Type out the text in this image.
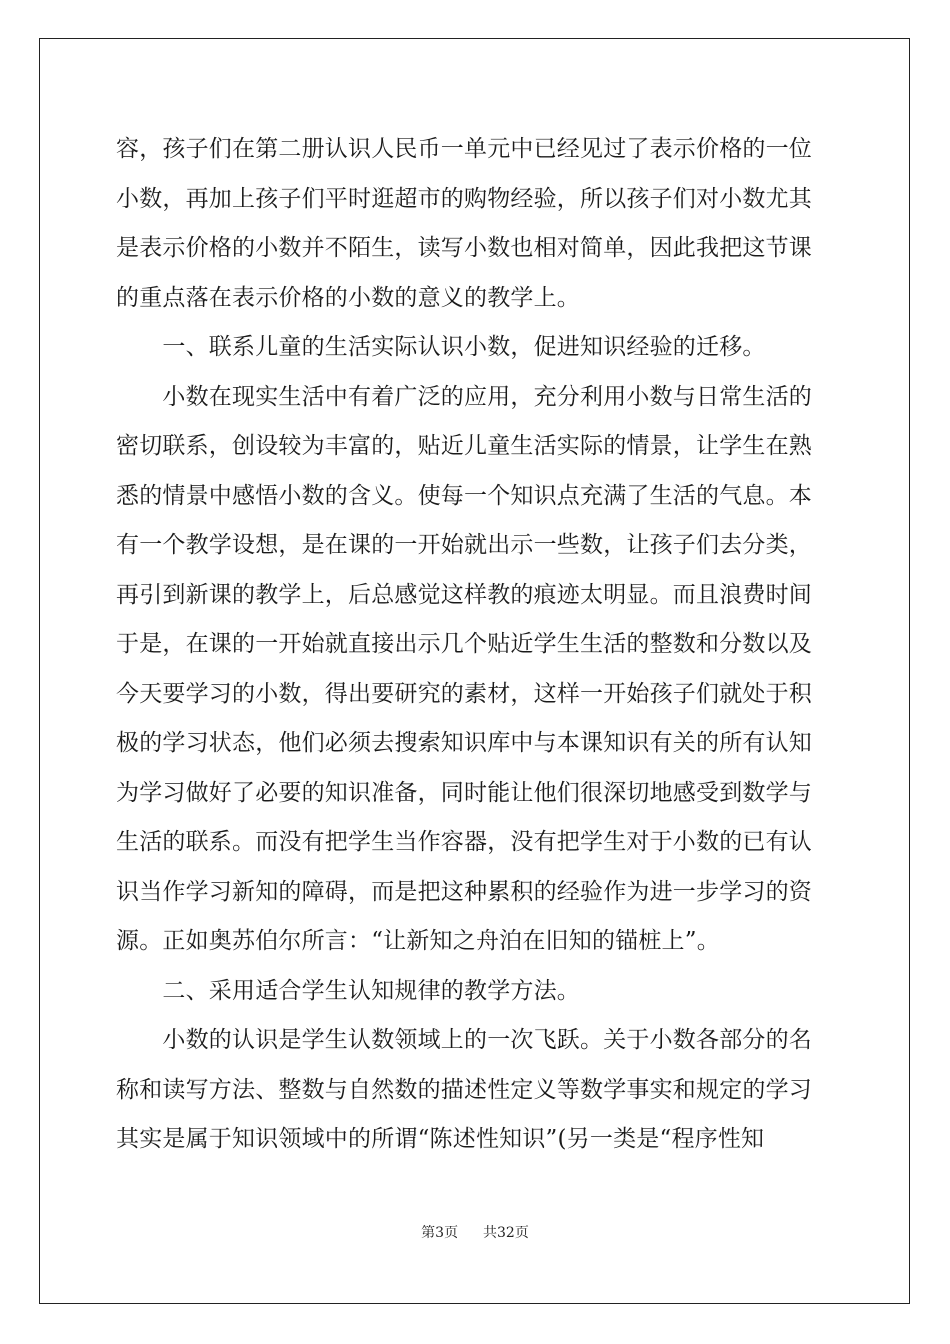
容，孩子们在第二册认识人民币一单元中已经见过了表示价格的一位
小数，再加上孩子们平时逛超市的购物经验，所以孩子们对小数尤其
是表示价格的小数并不陌生，读写小数也相对简单，因此我把这节课
的重点落在表示价格的小数的意义的教学上。
　　一、联系儿童的生活实际认识小数，促进知识经验的迁移。
　　小数在现实生活中有着广泛的应用，充分利用小数与日常生活的
密切联系，创设较为丰富的，贴近儿童生活实际的情景，让学生在熟
悉的情景中感悟小数的含义。使每一个知识点充满了生活的气息。本
有一个教学设想，是在课的一开始就出示一些数，让孩子们去分类，
再引到新课的教学上，后总感觉这样教的痕迹太明显。而且浪费时间
于是，在课的一开始就直接出示几个贴近学生生活的整数和分数以及
今天要学习的小数，得出要研究的素材，这样一开始孩子们就处于积
极的学习状态，他们必须去搜索知识库中与本课知识有关的所有认知
为学习做好了必要的知识准备，同时能让他们很深切地感受到数学与
生活的联系。而没有把学生当作容器，没有把学生对于小数的已有认
识当作学习新知的障碍，而是把这种累积的经验作为进一步学习的资
源。正如奥苏伯尔所言：“让新知之舟泊在旧知的锚桩上”。
　　二、采用适合学生认知规律的教学方法。
　　小数的认识是学生认数领域上的一次飞跃。关于小数各部分的名
称和读写方法、整数与自然数的描述性定义等数学事实和规定的学习
其实是属于知识领域中的所谓“陈述性知识”(另一类是“程序性知
第3页 共32页
